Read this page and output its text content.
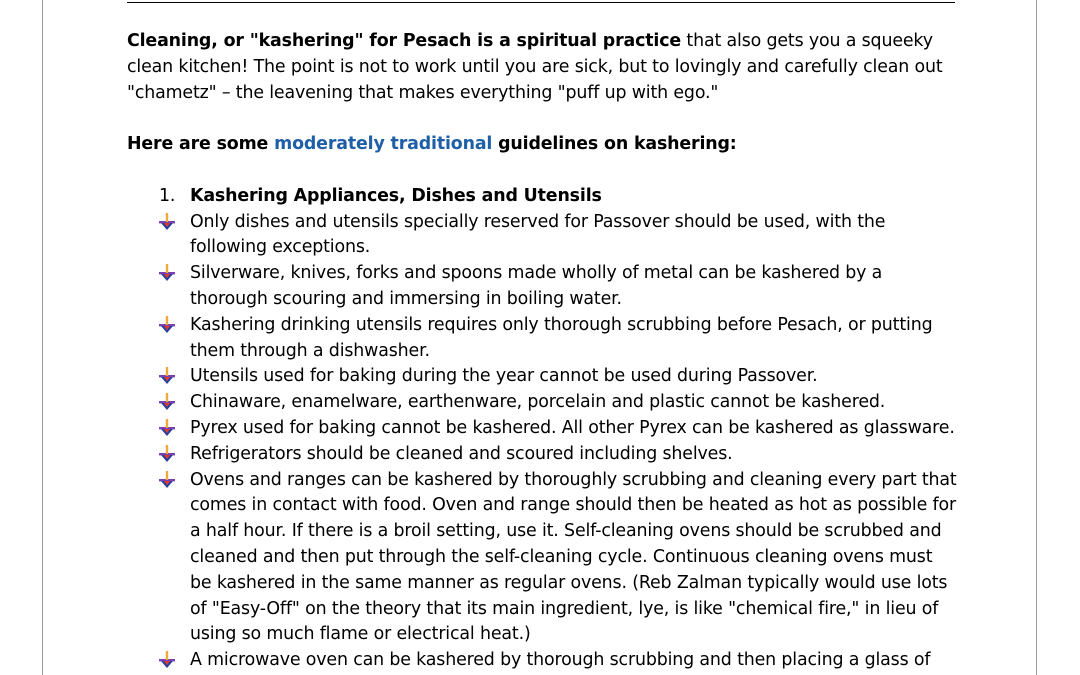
Cleaning, or "kashering" for Pesach is a spiritual practice that also gets you a squeeky clean kitchen! The point is not to work until you are sick, but to lovingly and carefully clean out "chametz" – the leavening that makes everything "puff up with ego."

Here are some moderately traditional guidelines on kashering:

1. Kashering Appliances, Dishes and Utensils
Only dishes and utensils specially reserved for Passover should be used, with the following exceptions.
Silverware, knives, forks and spoons made wholly of metal can be kashered by a thorough scouring and immersing in boiling water.
Kashering drinking utensils requires only thorough scrubbing before Pesach, or putting them through a dishwasher.
Utensils used for baking during the year cannot be used during Passover.
Chinaware, enamelware, earthenware, porcelain and plastic cannot be kashered.
Pyrex used for baking cannot be kashered. All other Pyrex can be kashered as glassware.
Refrigerators should be cleaned and scoured including shelves.
Ovens and ranges can be kashered by thoroughly scrubbing and cleaning every part that comes in contact with food. Oven and range should then be heated as hot as possible for a half hour. If there is a broil setting, use it. Self-cleaning ovens should be scrubbed and cleaned and then put through the self-cleaning cycle. Continuous cleaning ovens must be kashered in the same manner as regular ovens. (Reb Zalman typically would use lots of "Easy-Off" on the theory that its main ingredient, lye, is like "chemical fire," in lieu of using so much flame or electrical heat.)
A microwave oven can be kashered by thorough scrubbing and then placing a glass of
